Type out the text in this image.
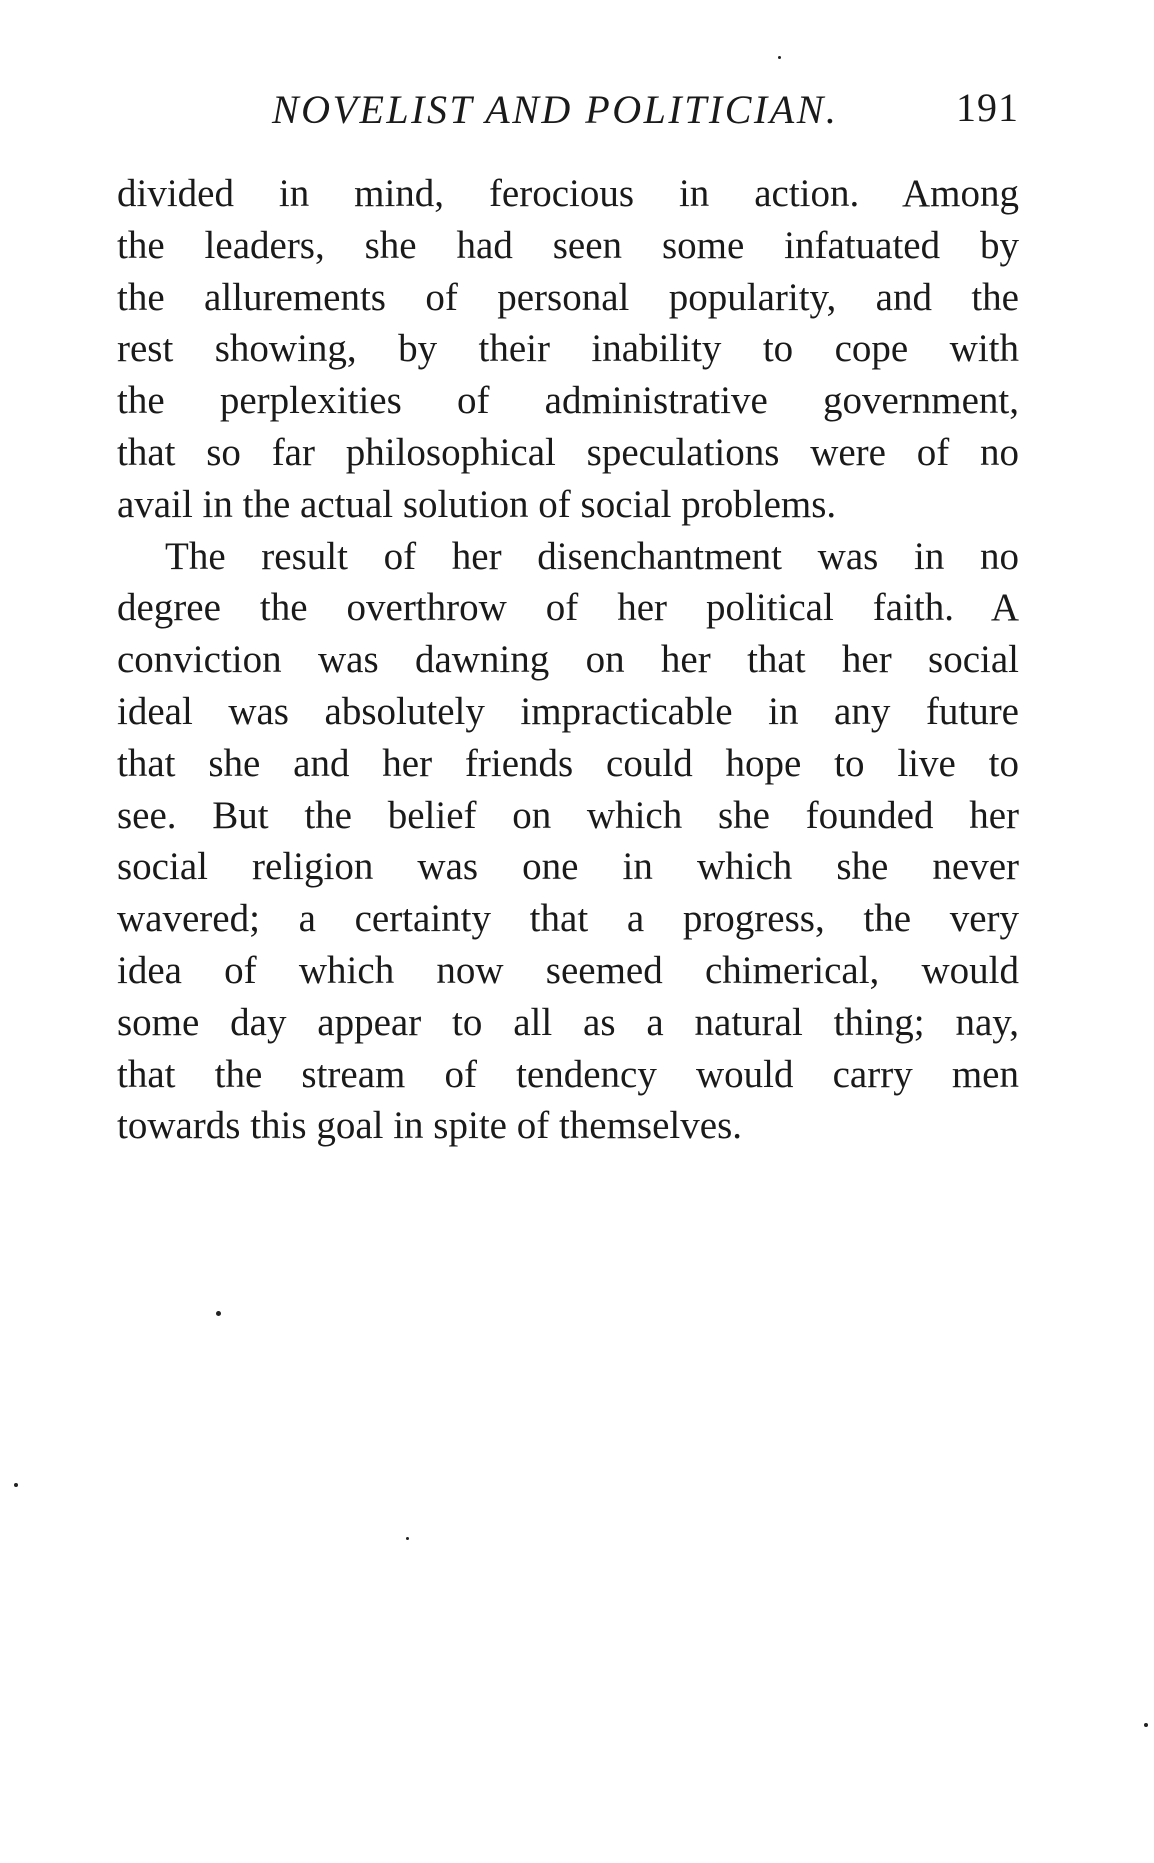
NOVELIST AND POLITICIAN.	191
divided in mind, ferocious in action. Among
the leaders, she had seen some infatuated by
the allurements of personal popularity, and the
rest showing, by their inability to cope with
the perplexities of administrative government,
that so far philosophical speculations were of no
avail in the actual solution of social problems.
The result of her disenchantment was in no
degree the overthrow of her political faith. A
conviction was dawning on her that her social
ideal was absolutely impracticable in any future
that she and her friends could hope to live to
see. But the belief on which she founded her
social religion was one in which she never
wavered; a certainty that a progress, the very
idea of which now seemed chimerical, would
some day appear to all as a natural thing; nay,
that the stream of tendency would carry men
towards this goal in spite of themselves.
